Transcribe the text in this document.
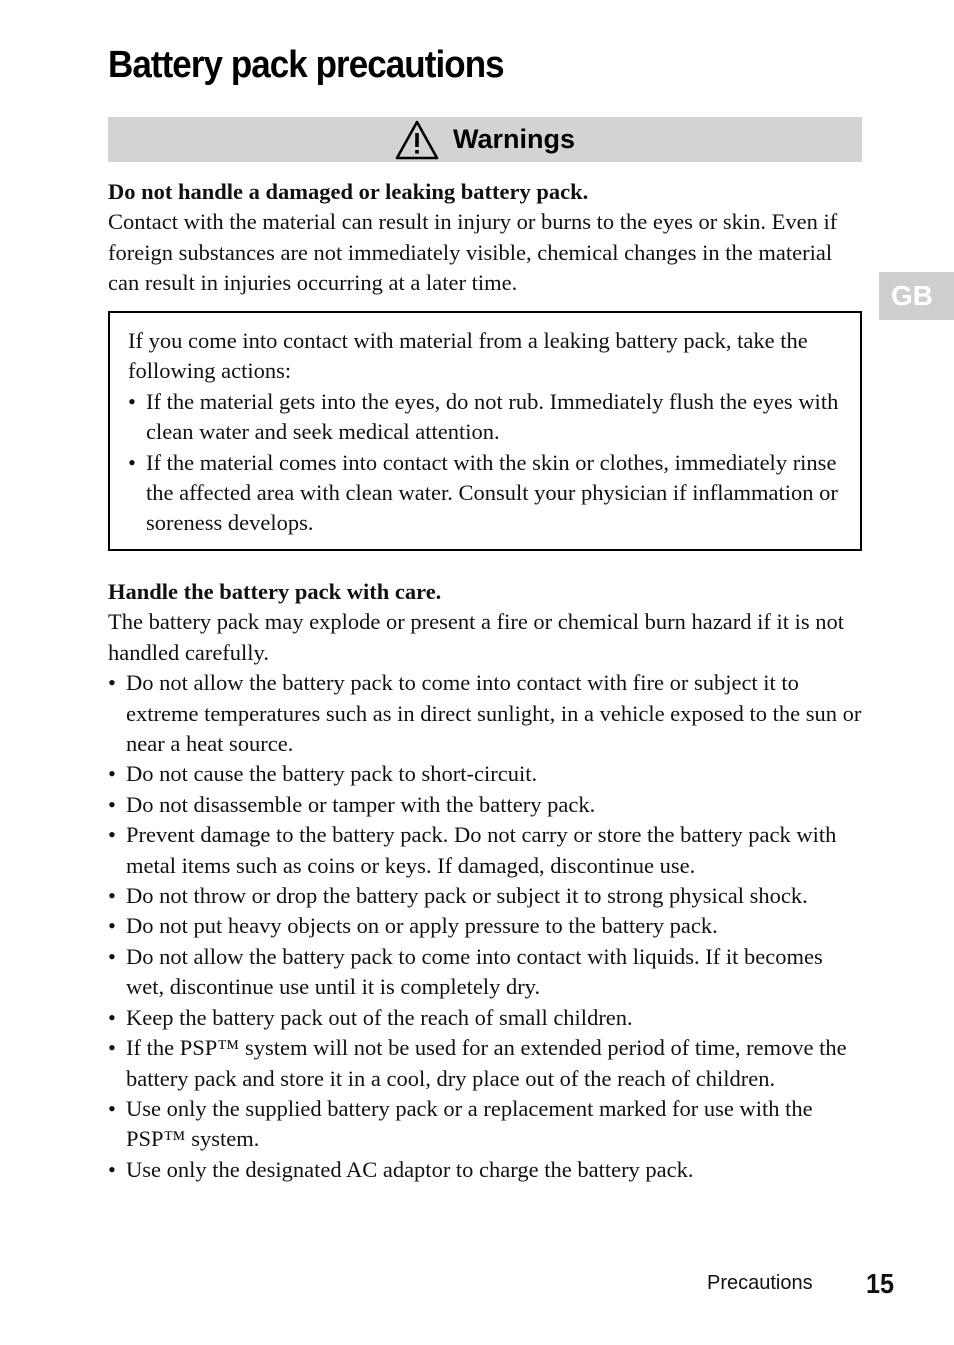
Battery pack precautions
Warnings

Do not handle a damaged or leaking battery pack.

Contact with the material can result in injury or burns to the eyes or skin. Even if foreign substances are not immediately visible, chemical changes in the material can result in injuries occurring at a later time.	GB

If you come into contact with material from a leaking battery pack, take the following actions:

• If the material gets into the eyes, do not rub. Immediately flush the eyes with clean water and seek medical attention.
• If the material comes into contact with the skin or clothes, immediately rinse the affected area with clean water. Consult your physician if inflammation or soreness develops.

Handle the battery pack with care.

The battery pack may explode or present a fire or chemical burn hazard if it is not handled carefully.

• Do not allow the battery pack to come into contact with fire or subject it to extreme temperatures such as in direct sunlight, in a vehicle exposed to the sun or near a heat source.
• Do not cause the battery pack to short-circuit.
• Do not disassemble or tamper with the battery pack.
• Prevent damage to the battery pack. Do not carry or store the battery pack with metal items such as coins or keys. If damaged, discontinue use.
• Do not throw or drop the battery pack or subject it to strong physical shock.
• Do not put heavy objects on or apply pressure to the battery pack.
• Do not allow the battery pack to come into contact with liquids. If it becomes wet, discontinue use until it is completely dry.
• Keep the battery pack out of the reach of small children.
• If the PSP™ system will not be used for an extended period of time, remove the battery pack and store it in a cool, dry place out of the reach of children.
• Use only the supplied battery pack or a replacement marked for use with the PSP™ system.
• Use only the designated AC adaptor to charge the battery pack.
Precautions 15
